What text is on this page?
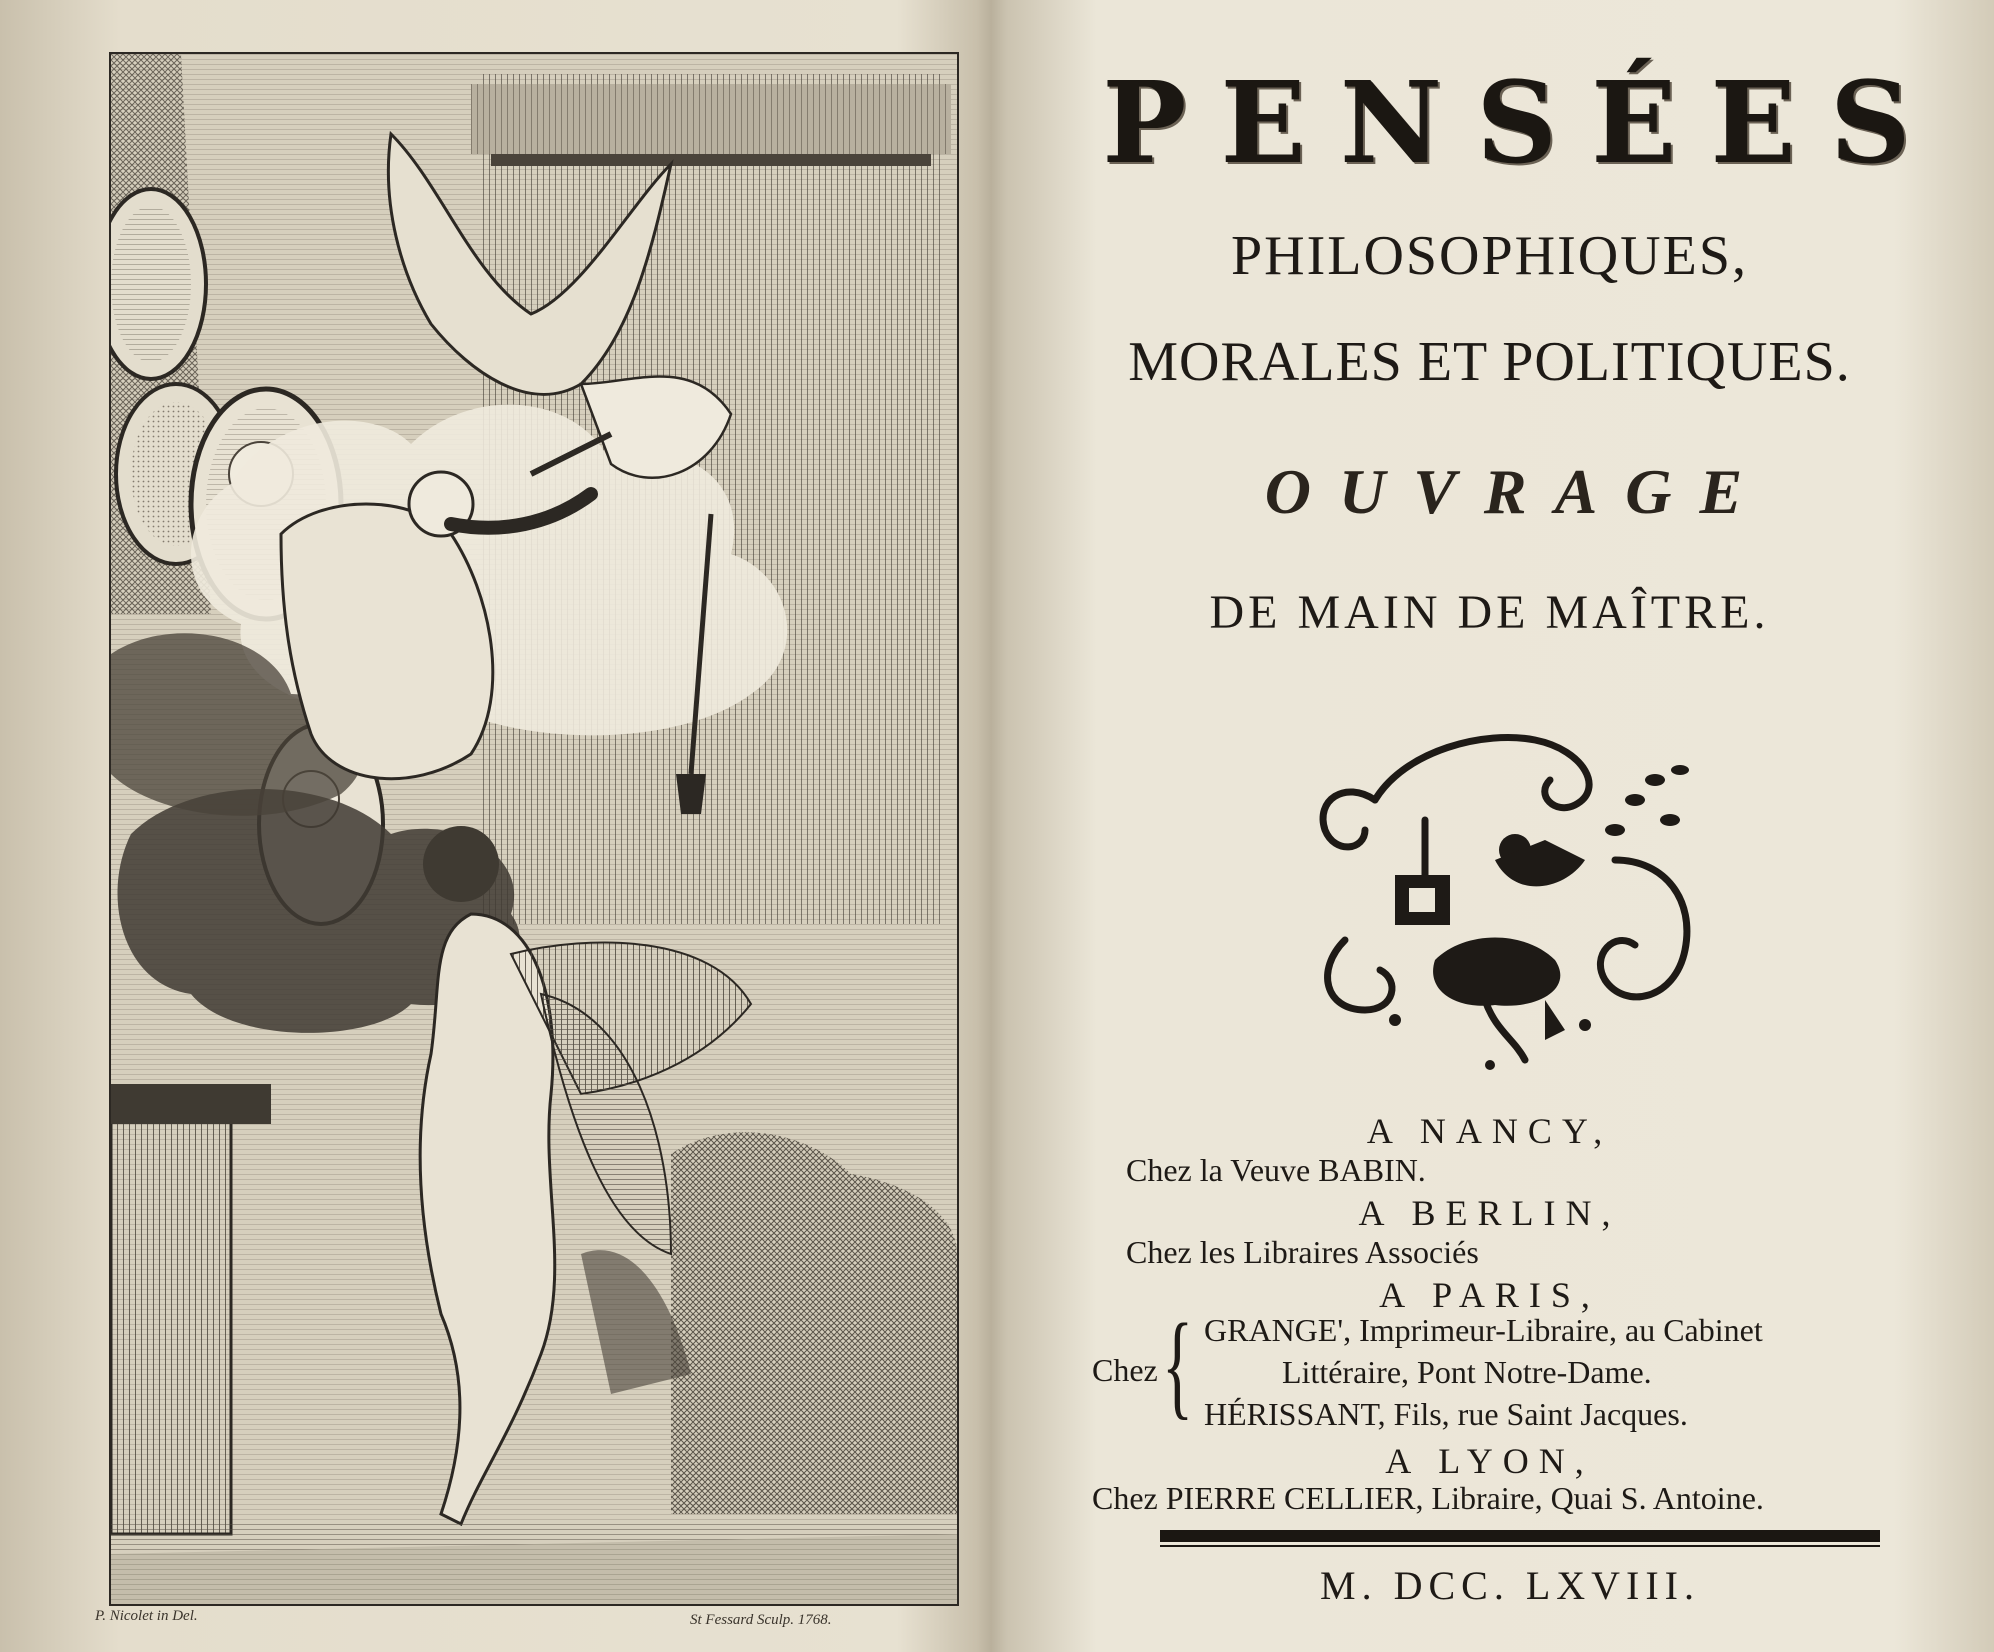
P. Nicolet in Del.	St Fessard Sculp. 1768.
PENSÉES
PHILOSOPHIQUES,
MORALES ET POLITIQUES.
OUVRAGE
DE MAIN DE MAÎTRE.
A NANCY,
Chez la Veuve BABIN.
A BERLIN,
Chez les Libraires Associés
A PARIS,
Chez { GRANGE', Imprimeur-Libraire, au Cabinet
Littéraire, Pont Notre-Dame.
HÉRISSANT, Fils, rue Saint Jacques.
A LYON,
Chez PIERRE CELLIER, Libraire, Quai S. Antoine.
M. DCC. LXVIII.
